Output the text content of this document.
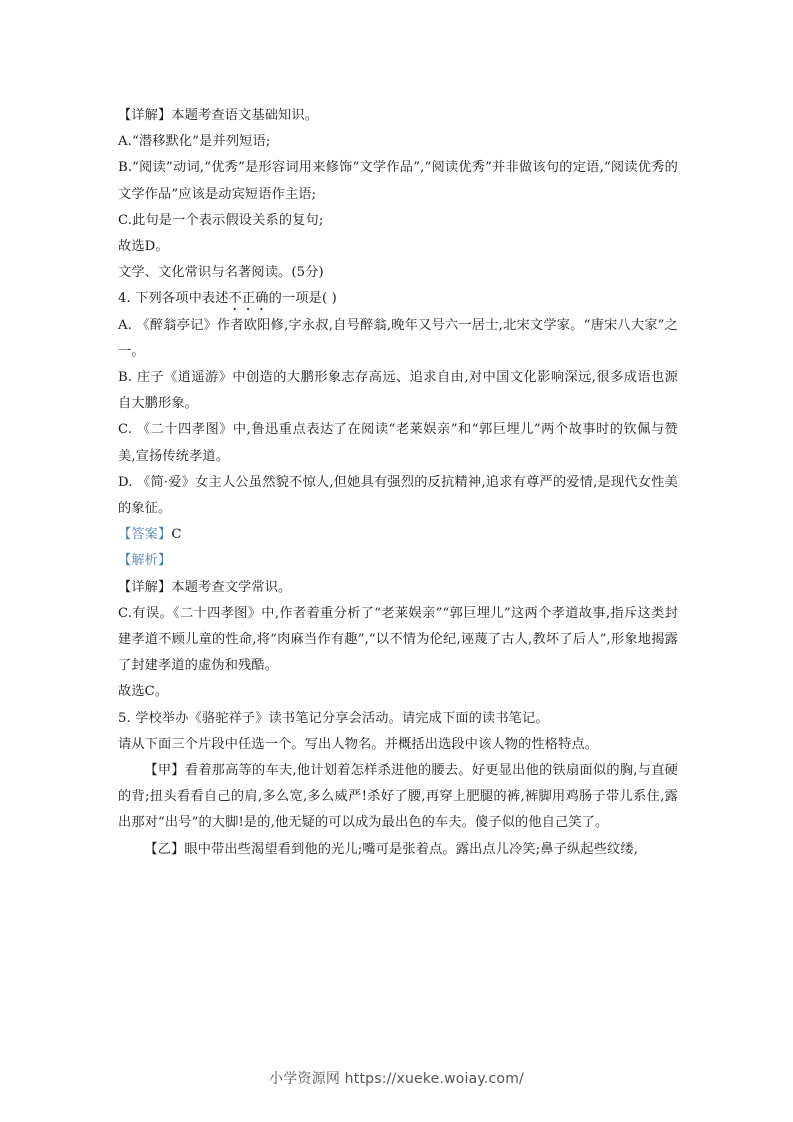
【详解】本题考查语文基础知识。
A.“潜移默化”是并列短语;
B.“阅读”动词,“优秀”是形容词用来修饰“文学作品”,“阅读优秀”并非做该句的定语,“阅读优秀的文学作品”应该是动宾短语作主语;
C.此句是一个表示假设关系的复句;
故选D。
文学、文化常识与名著阅读。(5分)
4. 下列各项中表述不正确的一项是( )
A. 《醉翁亭记》作者欧阳修,字永叔,自号醉翁,晚年又号六一居士,北宋文学家。“唐宋八大家”之一。
B. 庄子《逍遥游》中创造的大鹏形象志存高远、追求自由,对中国文化影响深远,很多成语也源自大鹏形象。
C. 《二十四孝图》中,鲁迅重点表达了在阅读“老莱娱亲”和“郭巨埋儿”两个故事时的钦佩与赞美,宣扬传统孝道。
D. 《简·爱》女主人公虽然貌不惊人,但她具有强烈的反抗精神,追求有尊严的爱情,是现代女性美的象征。
【答案】C
【解析】
【详解】本题考查文学常识。
C.有误。《二十四孝图》中,作者着重分析了“老莱娱亲”“郭巨埋儿”这两个孝道故事,指斥这类封建孝道不顾儿童的性命,将“肉麻当作有趣”,“以不情为伦纪,诬蔑了古人,教坏了后人”,形象地揭露了封建孝道的虚伪和残酷。
故选C。
5. 学校举办《骆驼祥子》读书笔记分享会活动。请完成下面的读书笔记。
请从下面三个片段中任选一个。写出人物名。并概括出选段中该人物的性格特点。
【甲】看着那高等的车夫,他计划着怎样杀进他的腰去。好更显出他的铁扇面似的胸,与直硬的背;扭头看看自己的肩,多么宽,多么威严!杀好了腰,再穿上肥腿的裤,裤脚用鸡肠子带儿系住,露出那对“出号”的大脚!是的,他无疑的可以成为最出色的车夫。傻子似的他自己笑了。
【乙】眼中带出些渴望看到他的光儿;嘴可是张着点。露出点儿冷笑;鼻子纵起些纹缕,
小学资源网 https://xueke.woiay.com/
